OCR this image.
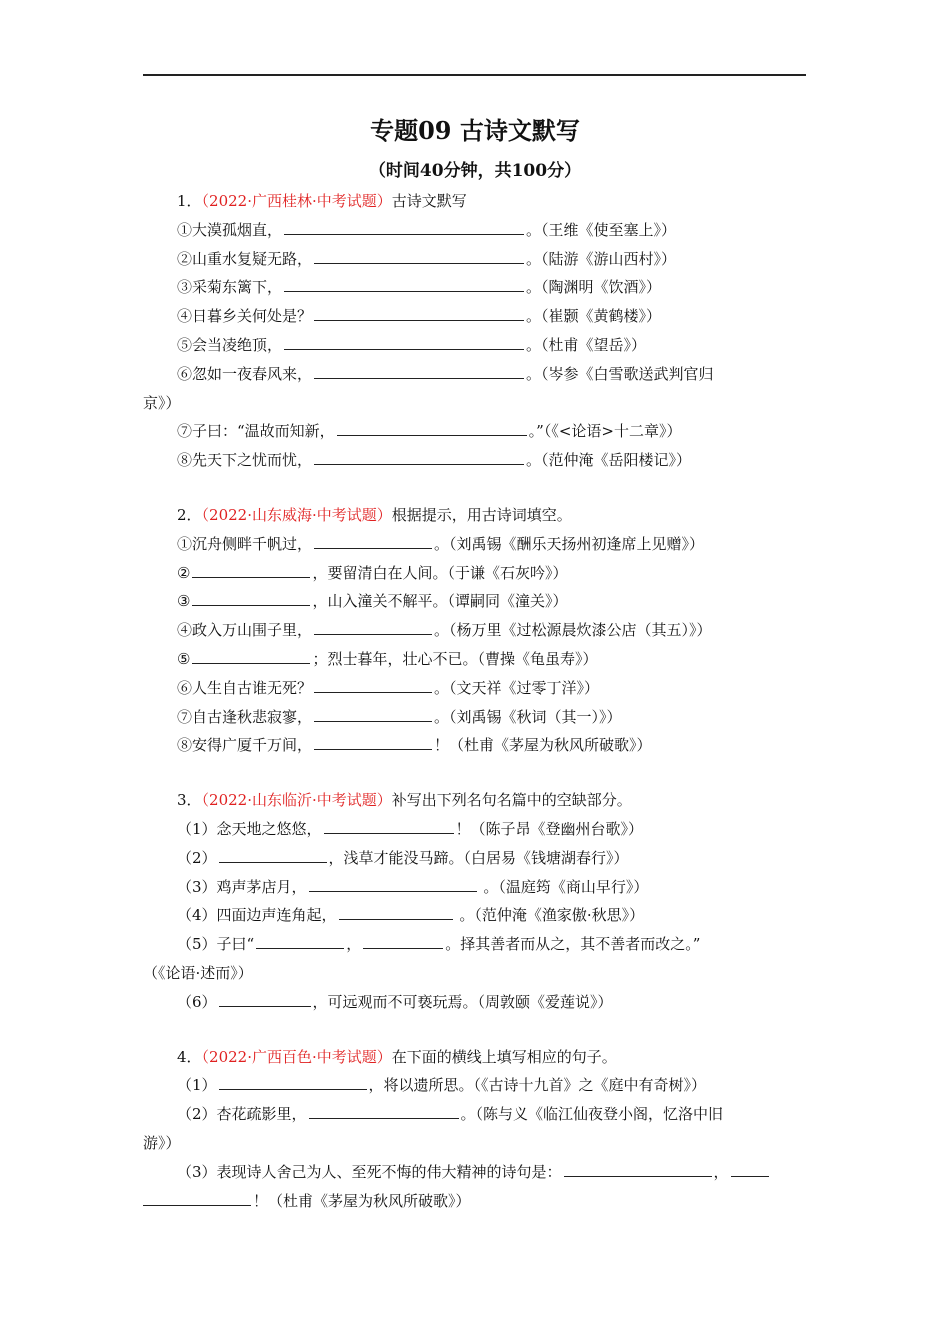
专题09 古诗文默写
（时间40分钟，共100分）
1．（2022·广西桂林·中考试题）古诗文默写
①大漠孤烟直，	。（王维《使至塞上》）
②山重水复疑无路，	。（陆游《游山西村》）
③采菊东篱下，	。（陶渊明《饮酒》）
④日暮乡关何处是？	。（崔颢《黄鹤楼》）
⑤会当凌绝顶，	。（杜甫《望岳》）
⑥忽如一夜春风来，	。（岑参《白雪歌送武判官归
京》）
⑦子曰：“温故而知新，	。”（《<论语>十二章》）
⑧先天下之忧而忧，	。（范仲淹《岳阳楼记》）
2．（2022·山东威海·中考试题）根据提示，用古诗词填空。
①沉舟侧畔千帆过，	。（刘禹锡《酬乐天扬州初逢席上见赠》）
②	，要留清白在人间。（于谦《石灰吟》）
③	，山入潼关不解平。（谭嗣同《潼关》）
④政入万山围子里，	。（杨万里《过松源晨炊漆公店（其五）》）
⑤	；烈士暮年，壮心不已。（曹操《龟虽寿》）
⑥人生自古谁无死？	。（文天祥《过零丁洋》）
⑦自古逢秋悲寂寥，	。（刘禹锡《秋词（其一）》）
⑧安得广厦千万间，	！（杜甫《茅屋为秋风所破歌》）
3．（2022·山东临沂·中考试题）补写出下列名句名篇中的空缺部分。
（1）念天地之悠悠，	！（陈子昂《登幽州台歌》）
（2）	，浅草才能没马蹄。（白居易《钱塘湖春行》）
（3）鸡声茅店月，	。（温庭筠《商山早行》）
（4）四面边声连角起，	。（范仲淹《渔家傲·秋思》）
（5）子曰“	，	。择其善者而从之，其不善者而改之。”
（《论语·述而》）
（6）	，可远观而不可亵玩焉。（周敦颐《爱莲说》）
4．（2022·广西百色·中考试题）在下面的横线上填写相应的句子。
（1）	，将以遗所思。（《古诗十九首》之《庭中有奇树》）
（2）杏花疏影里，	。（陈与义《临江仙夜登小阁，忆洛中旧
游》）
（3）表现诗人舍己为人、至死不悔的伟大精神的诗句是：	，
！（杜甫《茅屋为秋风所破歌》）
